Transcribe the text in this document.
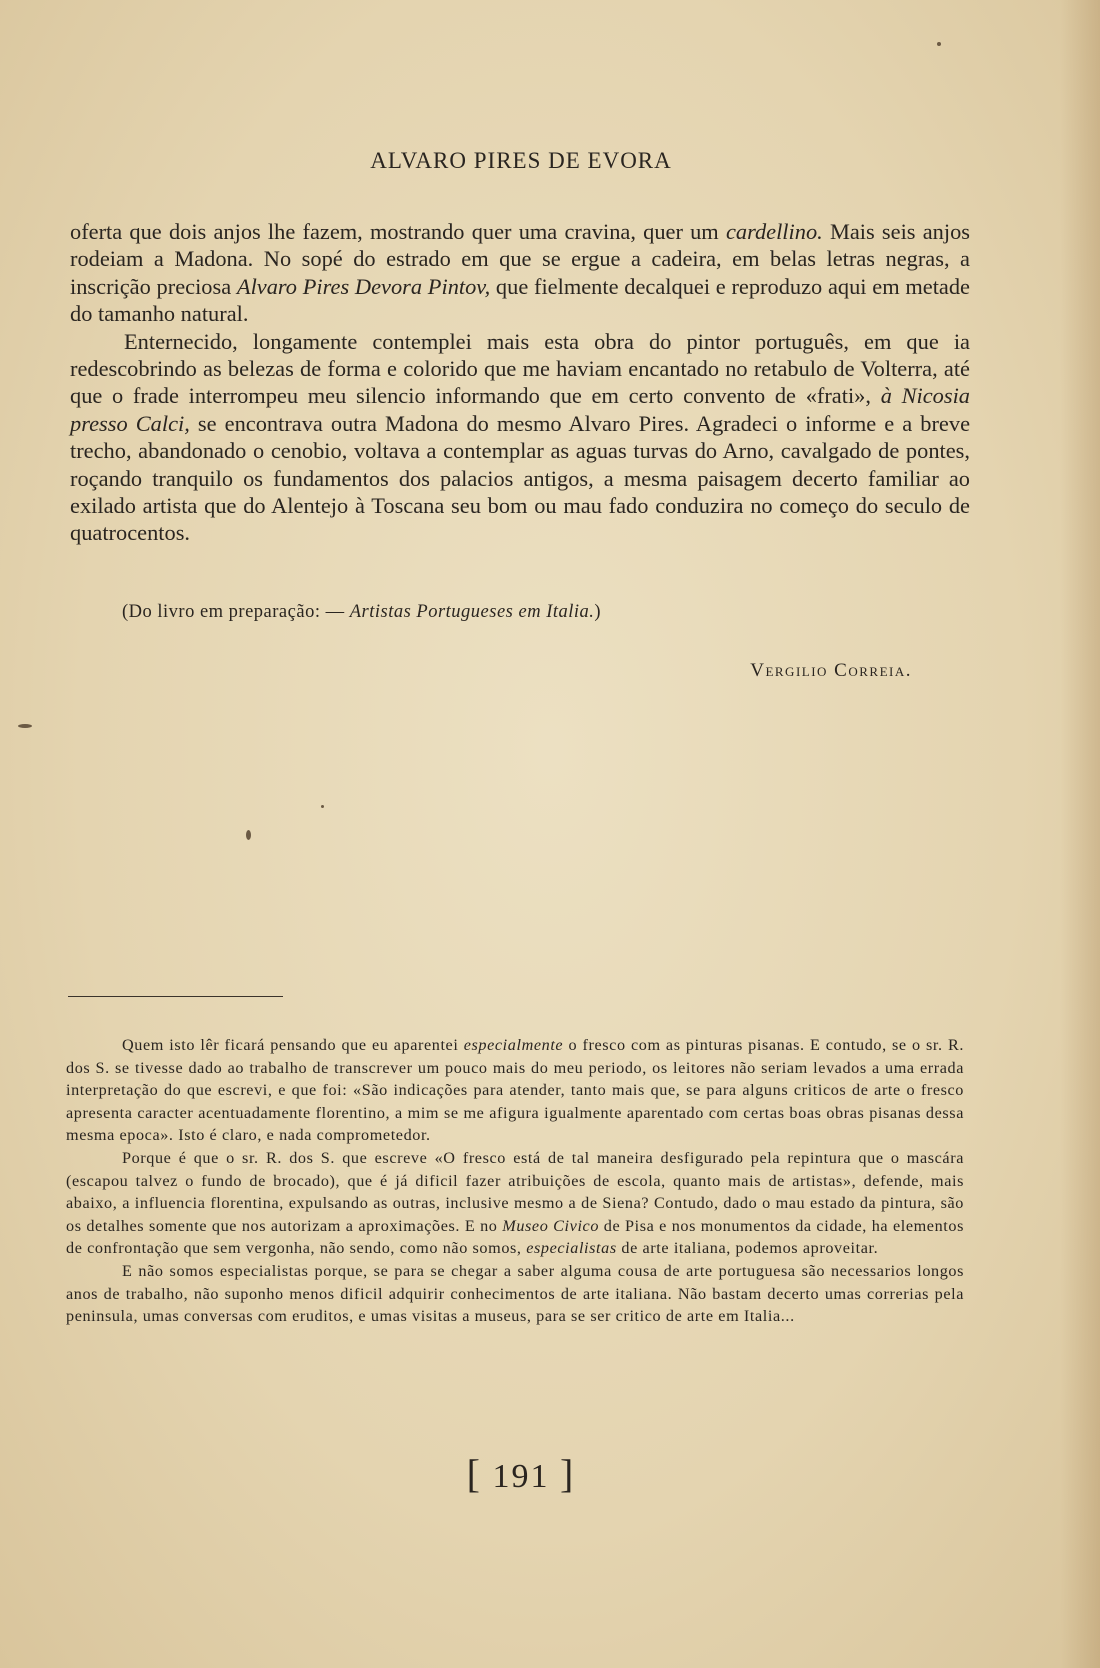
ALVARO PIRES DE EVORA

oferta que dois anjos lhe fazem, mostrando quer uma cravina, quer um cardellino. Mais seis anjos rodeiam a Madona. No sopé do estrado em que se ergue a cadeira, em belas letras negras, a inscrição preciosa Alvaro Pires Devora Pintov, que fielmente decalquei e reproduzo aqui em metade do tamanho natural.

Enternecido, longamente contemplei mais esta obra do pintor português, em que ia redescobrindo as belezas de forma e colorido que me haviam encantado no retabulo de Volterra, até que o frade interrompeu meu silencio informando que em certo convento de «frati», à Nicosia presso Calci, se encontrava outra Madona do mesmo Alvaro Pires. Agradeci o informe e a breve trecho, abandonado o cenobio, voltava a contemplar as aguas turvas do Arno, cavalgado de pontes, roçando tranquilo os fundamentos dos palacios antigos, a mesma paisagem decerto familiar ao exilado artista que do Alentejo à Toscana seu bom ou mau fado conduzira no começo do seculo de quatrocentos.

(Do livro em preparação: — Artistas Portugueses em Italia.)
Vergilio Correia.

Quem isto lêr ficará pensando que eu aparentei especialmente o fresco com as pinturas pisanas. E contudo, se o sr. R. dos S. se tivesse dado ao trabalho de transcrever um pouco mais do meu periodo, os leitores não seriam levados a uma errada interpretação do que escrevi, e que foi: «São indicações para atender, tanto mais que, se para alguns criticos de arte o fresco apresenta caracter acentuadamente florentino, a mim se me afigura igualmente aparentado com certas boas obras pisanas dessa mesma epoca». Isto é claro, e nada comprometedor.

Porque é que o sr. R. dos S. que escreve «O fresco está de tal maneira desfigurado pela repintura que o mascára (escapou talvez o fundo de brocado), que é já dificil fazer atribuições de escola, quanto mais de artistas», defende, mais abaixo, a influencia florentina, expulsando as outras, inclusive mesmo a de Siena? Contudo, dado o mau estado da pintura, são os detalhes somente que nos autorizam a aproximações. E no Museo Civico de Pisa e nos monumentos da cidade, ha elementos de confrontação que sem vergonha, não sendo, como não somos, especialistas de arte italiana, podemos aproveitar.

E não somos especialistas porque, se para se chegar a saber alguma cousa de arte portuguesa são necessarios longos anos de trabalho, não suponho menos dificil adquirir conhecimentos de arte italiana. Não bastam decerto umas correrias pela peninsula, umas conversas com eruditos, e umas visitas a museus, para se ser critico de arte em Italia...

[ 191 ]
